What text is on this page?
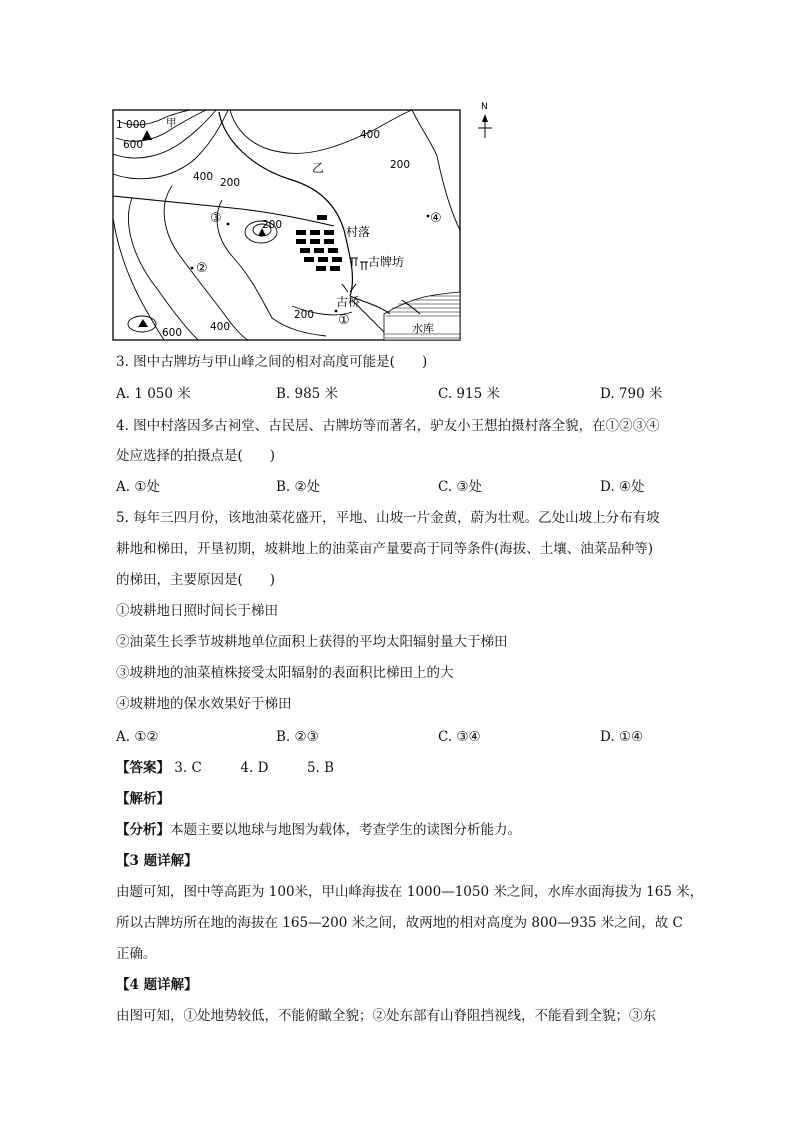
N
1 000 甲
400
200
600
400 200
200
200
400
600
乙
村落
古牌坊
古桥
水库
①
②
③	④
3. 图中古牌坊与甲山峰之间的相对高度可能是(　　)
A. 1 050 米	B. 985 米	C. 915 米	D. 790 米
4. 图中村落因多古祠堂、古民居、古牌坊等而著名，驴友小王想拍摄村落全貌，在①②③④
处应选择的拍摄点是(　　)
A. ①处	B. ②处	C. ③处	D. ④处
5. 每年三四月份，该地油菜花盛开，平地、山坡一片金黄，蔚为壮观。乙处山坡上分布有坡
耕地和梯田，开垦初期，坡耕地上的油菜亩产量要高于同等条件(海拔、土壤、油菜品种等)
的梯田，主要原因是(　　)
①坡耕地日照时间长于梯田
②油菜生长季节坡耕地单位面积上获得的平均太阳辐射量大于梯田
③坡耕地的油菜植株接受太阳辐射的表面积比梯田上的大
④坡耕地的保水效果好于梯田
A. ①②	B. ②③	C. ③④	D. ①④
【答案】 3. C	4. D	5. B
【解析】
【分析】本题主要以地球与地图为载体，考查学生的读图分析能力。
【3 题详解】
由题可知，图中等高距为 100米，甲山峰海拔在 1000—1050 米之间，水库水面海拔为 165 米，
所以古牌坊所在地的海拔在 165—200 米之间，故两地的相对高度为 800—935 米之间，故 C
正确。
【4 题详解】
由图可知，①处地势较低，不能俯瞰全貌；②处东部有山脊阻挡视线，不能看到全貌；③东
